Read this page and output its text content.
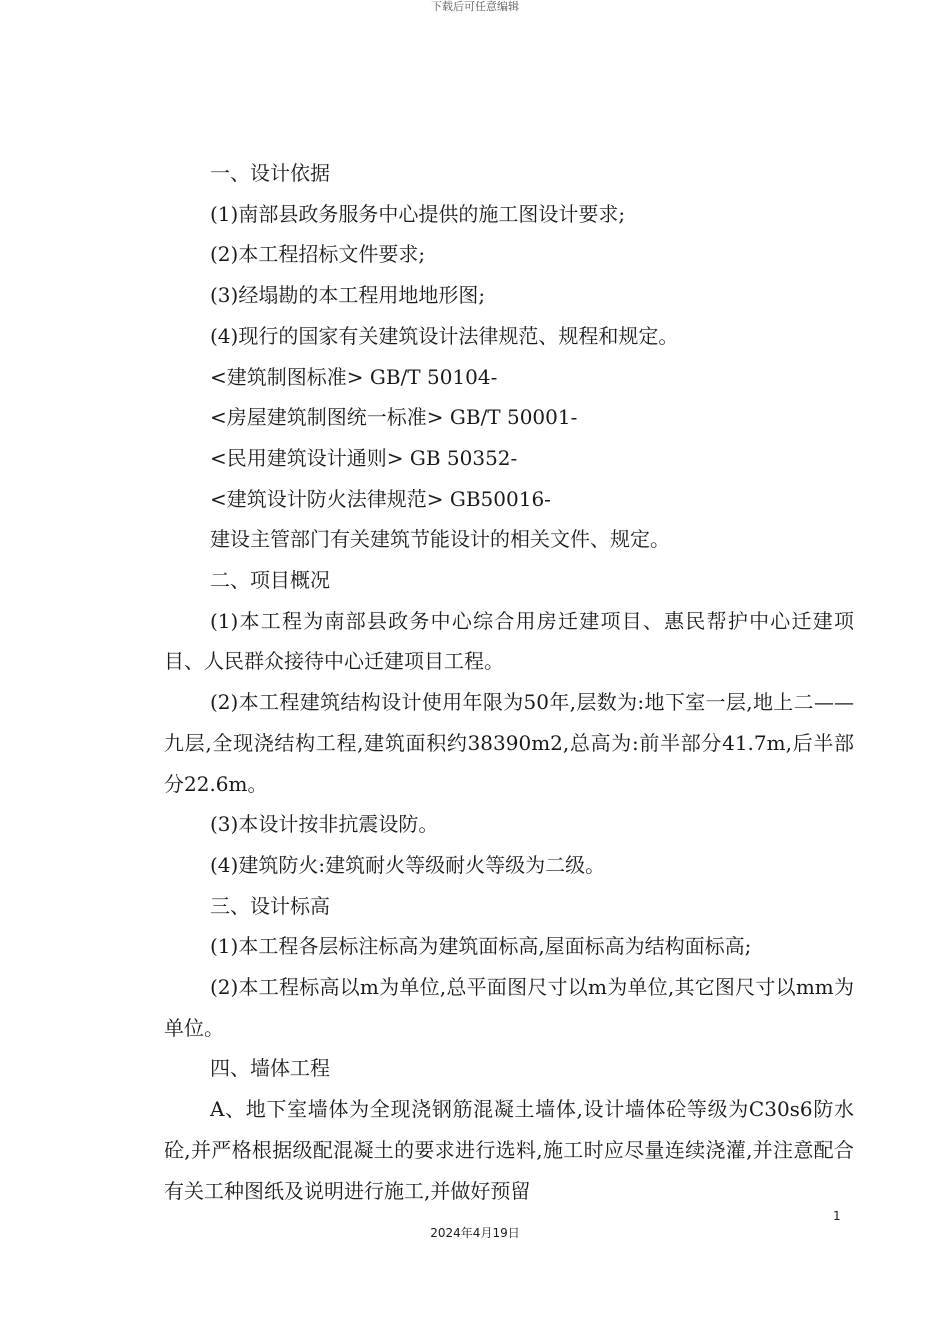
下载后可任意编辑

一、设计依据

(1)南部县政务服务中心提供的施工图设计要求;

(2)本工程招标文件要求;

(3)经塌勘的本工程用地地形图;

(4)现行的国家有关建筑设计法律规范、规程和规定。

<建筑制图标准> GB/T 50104-

<房屋建筑制图统一标准> GB/T 50001-

<民用建筑设计通则> GB 50352-

<建筑设计防火法律规范> GB50016-

建设主管部门有关建筑节能设计的相关文件、规定。

二、项目概况

(1)本工程为南部县政务中心综合用房迁建项目、惠民帮护中心迁建项目、人民群众接待中心迁建项目工程。

(2)本工程建筑结构设计使用年限为50年,层数为:地下室一层,地上二——九层,全现浇结构工程,建筑面积约38390m2,总高为:前半部分41.7m,后半部分22.6m。

(3)本设计按非抗震设防。

(4)建筑防火:建筑耐火等级耐火等级为二级。

三、设计标高

(1)本工程各层标注标高为建筑面标高,屋面标高为结构面标高;

(2)本工程标高以m为单位,总平面图尺寸以m为单位,其它图尺寸以mm为单位。

四、墙体工程

A、地下室墙体为全现浇钢筋混凝土墙体,设计墙体砼等级为C30s6防水砼,并严格根据级配混凝土的要求进行选料,施工时应尽量连续浇灌,并注意配合有关工种图纸及说明进行施工,并做好预留

1
2024年4月19日
